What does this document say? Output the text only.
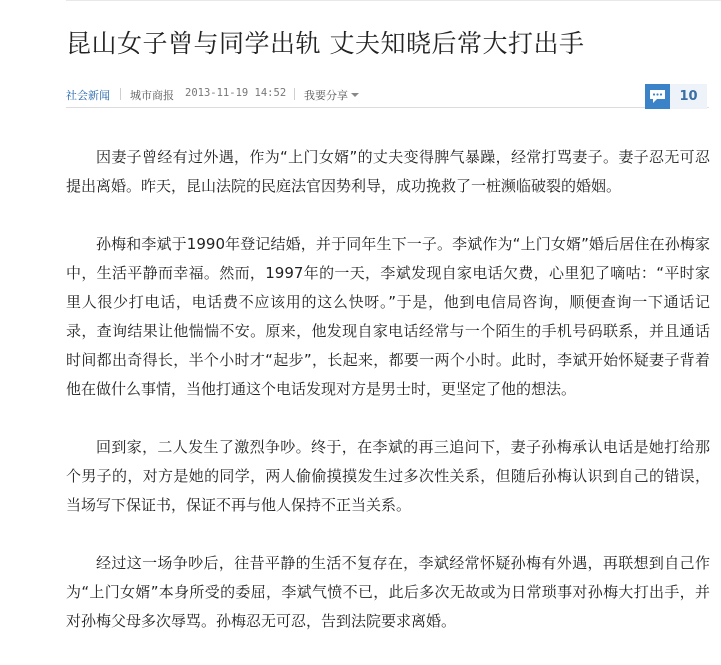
昆山女子曾与同学出轨 丈夫知晓后常大打出手
社会新闻 城市商报 2013-11-19 14:52 我要分享	10

因妻子曾经有过外遇，作为“上门女婿”的丈夫变得脾气暴躁，经常打骂妻子。妻子忍无可忍提出离婚。昨天，昆山法院的民庭法官因势利导，成功挽救了一桩濒临破裂的婚姻。

孙梅和李斌于1990年登记结婚，并于同年生下一子。李斌作为“上门女婿”婚后居住在孙梅家中，生活平静而幸福。然而，1997年的一天，李斌发现自家电话欠费，心里犯了嘀咕：“平时家里人很少打电话，电话费不应该用的这么快呀。”于是，他到电信局咨询，顺便查询一下通话记录，查询结果让他惴惴不安。原来，他发现自家电话经常与一个陌生的手机号码联系，并且通话时间都出奇得长，半个小时才“起步”，长起来，都要一两个小时。此时，李斌开始怀疑妻子背着他在做什么事情，当他打通这个电话发现对方是男士时，更坚定了他的想法。

回到家，二人发生了激烈争吵。终于，在李斌的再三追问下，妻子孙梅承认电话是她打给那个男子的，对方是她的同学，两人偷偷摸摸发生过多次性关系，但随后孙梅认识到自己的错误，当场写下保证书，保证不再与他人保持不正当关系。

经过这一场争吵后，往昔平静的生活不复存在，李斌经常怀疑孙梅有外遇，再联想到自己作为“上门女婿”本身所受的委屈，李斌气愤不已，此后多次无故或为日常琐事对孙梅大打出手，并对孙梅父母多次辱骂。孙梅忍无可忍，告到法院要求离婚。
